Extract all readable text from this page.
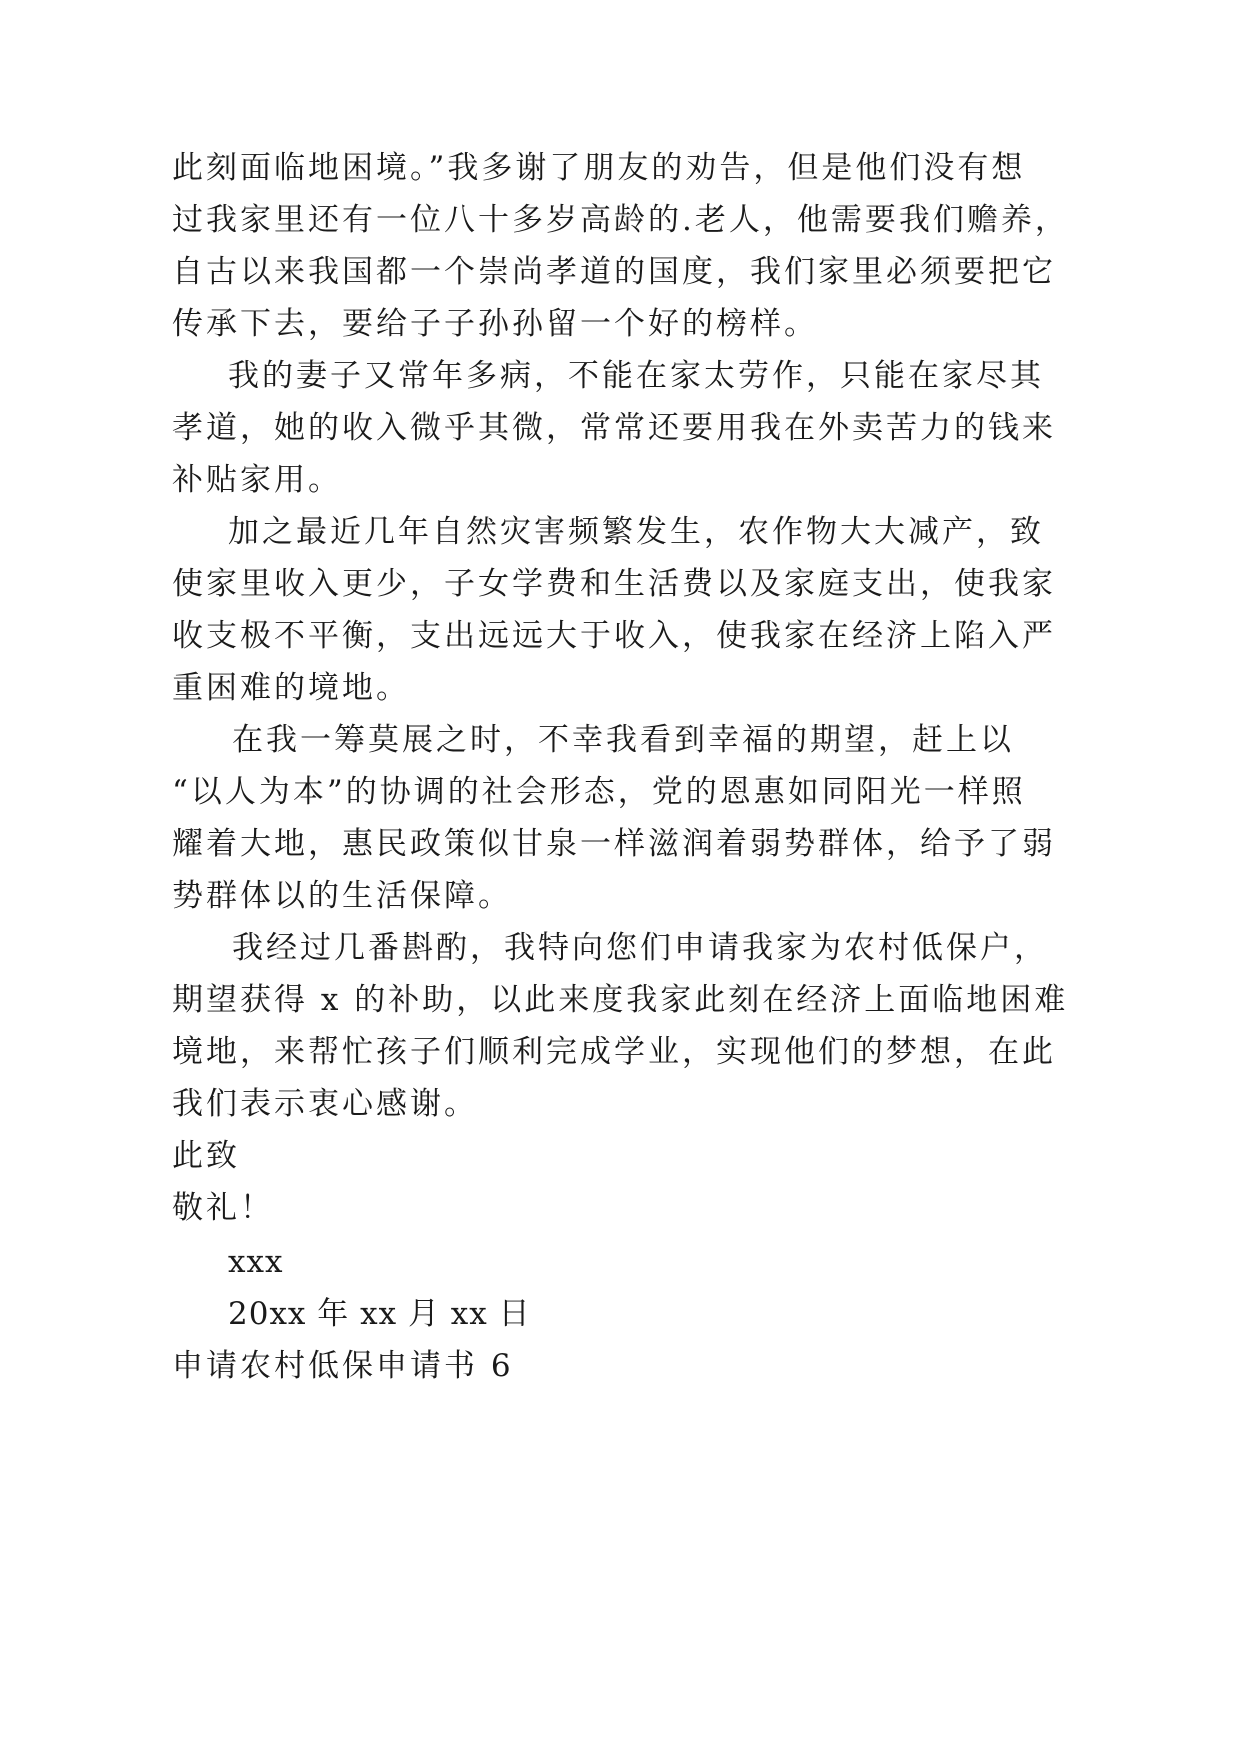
此刻面临地困境。”我多谢了朋友的劝告，但是他们没有想
过我家里还有一位八十多岁高龄的.老人，他需要我们赡养，
自古以来我国都一个崇尚孝道的国度，我们家里必须要把它
传承下去，要给子子孙孙留一个好的榜样。
我的妻子又常年多病，不能在家太劳作，只能在家尽其
孝道，她的收入微乎其微，常常还要用我在外卖苦力的钱来
补贴家用。
加之最近几年自然灾害频繁发生，农作物大大减产，致
使家里收入更少，子女学费和生活费以及家庭支出，使我家
收支极不平衡，支出远远大于收入，使我家在经济上陷入严
重困难的境地。
在我一筹莫展之时，不幸我看到幸福的期望，赶上以
“以人为本”的协调的社会形态，党的恩惠如同阳光一样照
耀着大地，惠民政策似甘泉一样滋润着弱势群体，给予了弱
势群体以的生活保障。
我经过几番斟酌，我特向您们申请我家为农村低保户，
期望获得 x 的补助，以此来度我家此刻在经济上面临地困难
境地，来帮忙孩子们顺利完成学业，实现他们的梦想，在此
我们表示衷心感谢。
此致
敬礼！
xxx
20xx 年 xx 月 xx 日
申请农村低保申请书 6
